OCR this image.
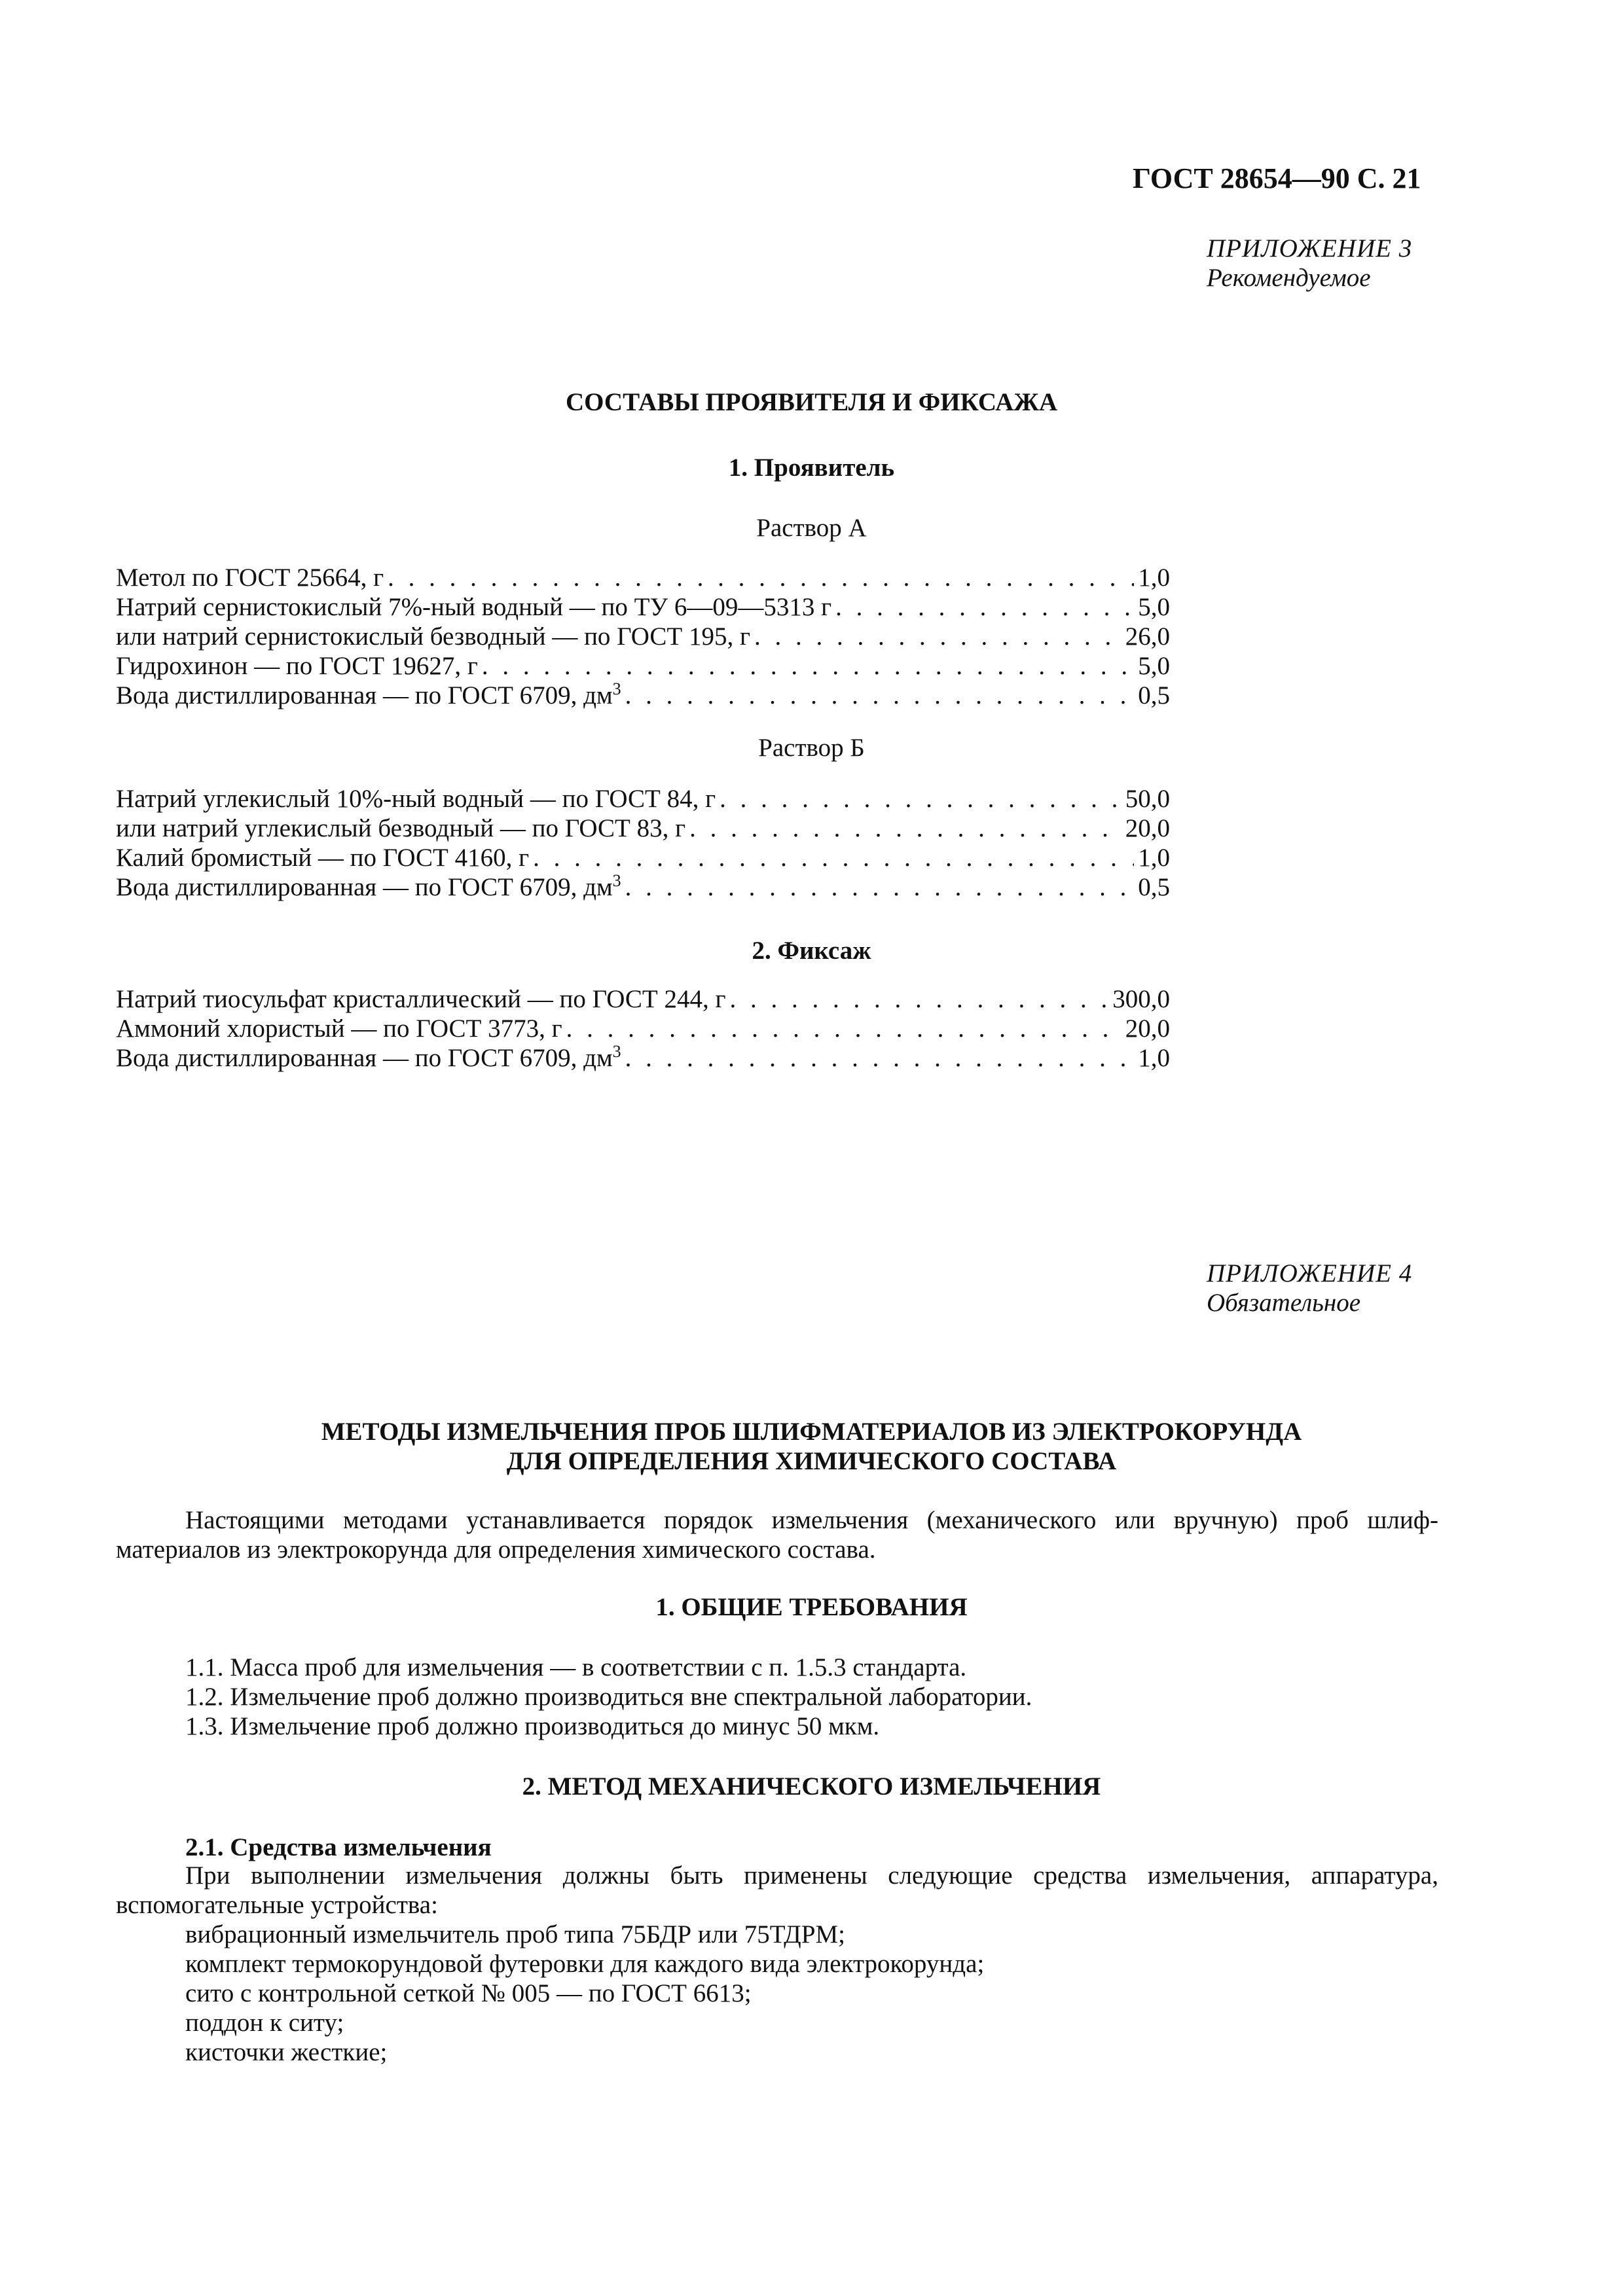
ГОСТ 28654—90 С. 21
ПРИЛОЖЕНИЕ 3
Рекомендуемое
СОСТАВЫ ПРОЯВИТЕЛЯ И ФИКСАЖА
1. Проявитель
Раствор А
Метол по ГОСТ 25664, г . . .	1,0
Натрий сернистокислый 7%-ный водный — по ТУ 6—09—5313 г . . .	5,0
или натрий сернистокислый безводный — по ГОСТ 195, г . . .	26,0
Гидрохинон — по ГОСТ 19627, г . . .	5,0
Вода дистиллированная — по ГОСТ 6709, $дм^3$ . . .	0,5
Раствор Б
Натрий углекислый 10%-ный водный — по ГОСТ 84, г . . .	50,0
или натрий углекислый безводный — по ГОСТ 83, г . . .	20,0
Калий бромистый — по ГОСТ 4160, г . . .	1,0
Вода дистиллированная — по ГОСТ 6709, $дм^3$ . . .	0,5
2. Фиксаж
Натрий тиосульфат кристаллический — по ГОСТ 244, г . . .	300,0
Аммоний хлористый — по ГОСТ 3773, г . . .	20,0
Вода дистиллированная — по ГОСТ 6709, $дм^3$ . . .	1,0
ПРИЛОЖЕНИЕ 4
Обязательное
МЕТОДЫ ИЗМЕЛЬЧЕНИЯ ПРОБ ШЛИФМАТЕРИАЛОВ ИЗ ЭЛЕКТРОКОРУНДА
ДЛЯ ОПРЕДЕЛЕНИЯ ХИМИЧЕСКОГО СОСТАВА

Настоящими методами устанавливается порядок измельчения (механического или вручную) проб шлиф- материалов из электрокорунда для определения химического состава.

1. ОБЩИЕ ТРЕБОВАНИЯ
1.1. Масса проб для измельчения — в соответствии с п. 1.5.3 стандарта.
1.2. Измельчение проб должно производиться вне спектральной лаборатории.
1.3. Измельчение проб должно производиться до минус 50 мкм.
2. МЕТОД МЕХАНИЧЕСКОГО ИЗМЕЛЬЧЕНИЯ
2.1. Средства измельчения

При выполнении измельчения должны быть применены следующие средства измельчения, аппаратура, вспомогательные устройства:

вибрационный измельчитель проб типа 75БДР или 75ТДРМ;
комплект термокорундовой футеровки для каждого вида электрокорунда;
сито с контрольной сеткой № 005 — по ГОСТ 6613;
поддон к ситу;
кисточки жесткие;
